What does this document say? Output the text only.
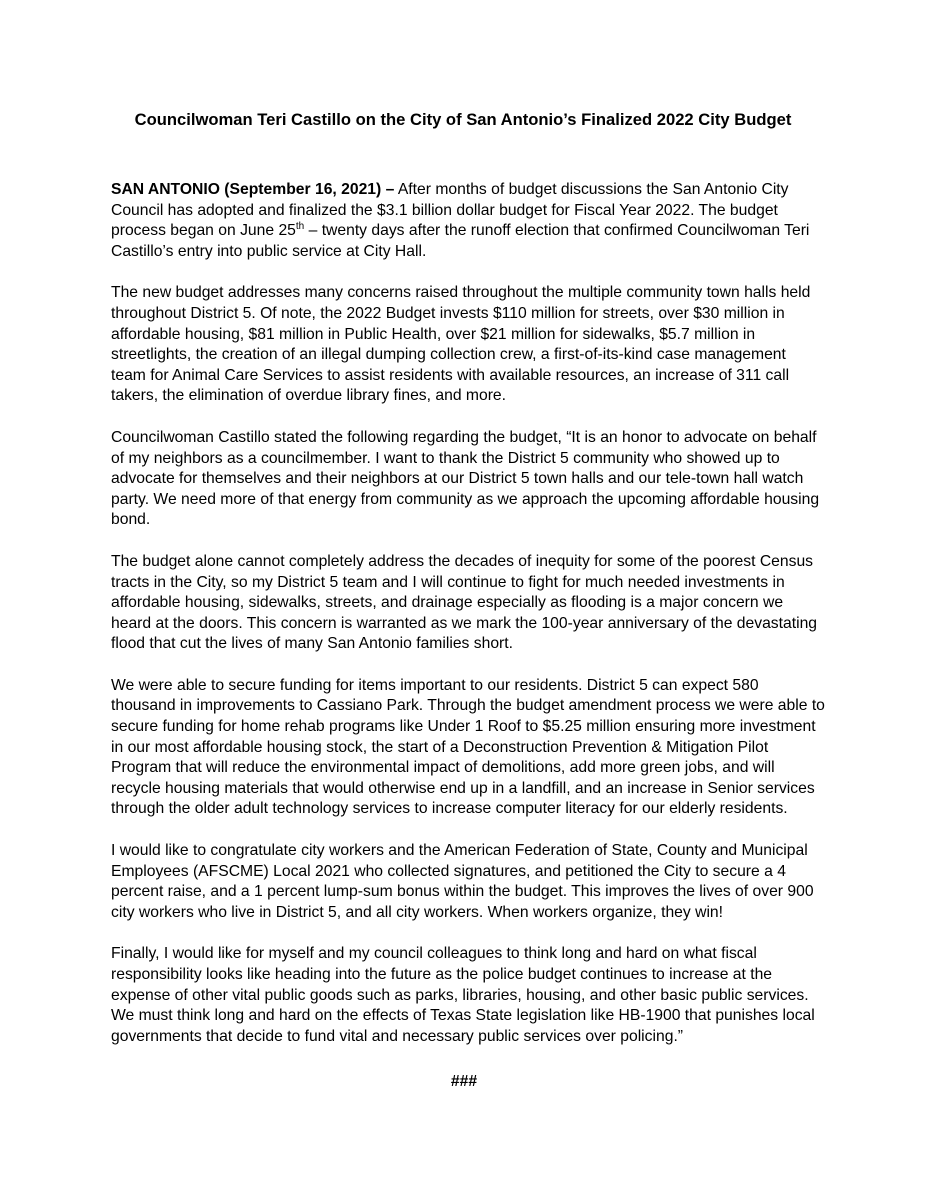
Councilwoman Teri Castillo on the City of San Antonio’s Finalized 2022 City Budget

SAN ANTONIO (September 16, 2021) – After months of budget discussions the San Antonio City Council has adopted and finalized the $3.1 billion dollar budget for Fiscal Year 2022. The budget process began on June 25th – twenty days after the runoff election that confirmed Councilwoman Teri Castillo’s entry into public service at City Hall.

The new budget addresses many concerns raised throughout the multiple community town halls held throughout District 5. Of note, the 2022 Budget invests $110 million for streets, over $30 million in affordable housing, $81 million in Public Health, over $21 million for sidewalks, $5.7 million in streetlights, the creation of an illegal dumping collection crew, a first-of-its-kind case management team for Animal Care Services to assist residents with available resources, an increase of 311 call takers, the elimination of overdue library fines, and more.

Councilwoman Castillo stated the following regarding the budget, “It is an honor to advocate on behalf of my neighbors as a councilmember. I want to thank the District 5 community who showed up to advocate for themselves and their neighbors at our District 5 town halls and our tele-town hall watch party. We need more of that energy from community as we approach the upcoming affordable housing bond.

The budget alone cannot completely address the decades of inequity for some of the poorest Census tracts in the City, so my District 5 team and I will continue to fight for much needed investments in affordable housing, sidewalks, streets, and drainage especially as flooding is a major concern we heard at the doors. This concern is warranted as we mark the 100-year anniversary of the devastating flood that cut the lives of many San Antonio families short.

We were able to secure funding for items important to our residents. District 5 can expect 580 thousand in improvements to Cassiano Park. Through the budget amendment process we were able to secure funding for home rehab programs like Under 1 Roof to $5.25 million ensuring more investment in our most affordable housing stock, the start of a Deconstruction Prevention & Mitigation Pilot Program that will reduce the environmental impact of demolitions, add more green jobs, and will recycle housing materials that would otherwise end up in a landfill, and an increase in Senior services through the older adult technology services to increase computer literacy for our elderly residents.

I would like to congratulate city workers and the American Federation of State, County and Municipal Employees (AFSCME) Local 2021 who collected signatures, and petitioned the City to secure a 4 percent raise, and a 1 percent lump-sum bonus within the budget. This improves the lives of over 900 city workers who live in District 5, and all city workers. When workers organize, they win!

Finally, I would like for myself and my council colleagues to think long and hard on what fiscal responsibility looks like heading into the future as the police budget continues to increase at the expense of other vital public goods such as parks, libraries, housing, and other basic public services. We must think long and hard on the effects of Texas State legislation like HB-1900 that punishes local governments that decide to fund vital and necessary public services over policing.”

###
